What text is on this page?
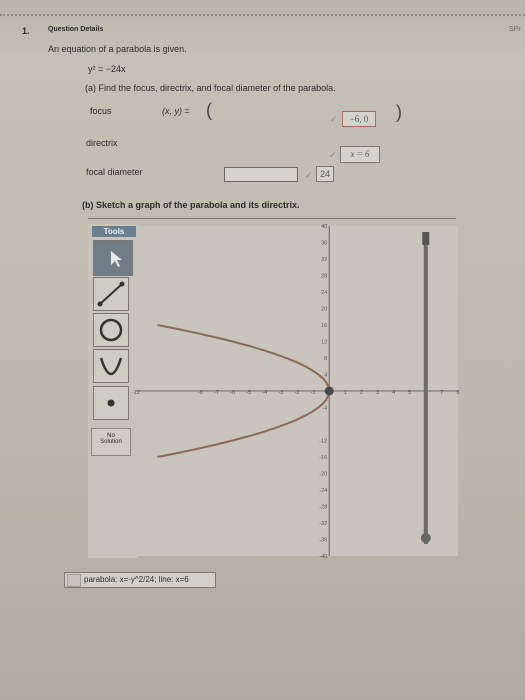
1.	Question Details	SPr
An equation of a parabola is given.
y² = −24x
(a) Find the focus, directrix, and focal diameter of the parabola.
focus	(x, y) = (	✓	−6, 0	)
directrix
✓	x = 6
focal diameter	✓ 24
(b) Sketch a graph of the parabola and its directrix.
Tools
No
Solution
-12	-8 -7 -6 -5 -4 -3 -2 -1	1 2 3 4 5	7 8
40
36
32
28
24
20
16
12
8
4
-4
-12
-16
-20
-24
-28
-32
-36
-40
parabola: x=-y^2/24; line: x=6
